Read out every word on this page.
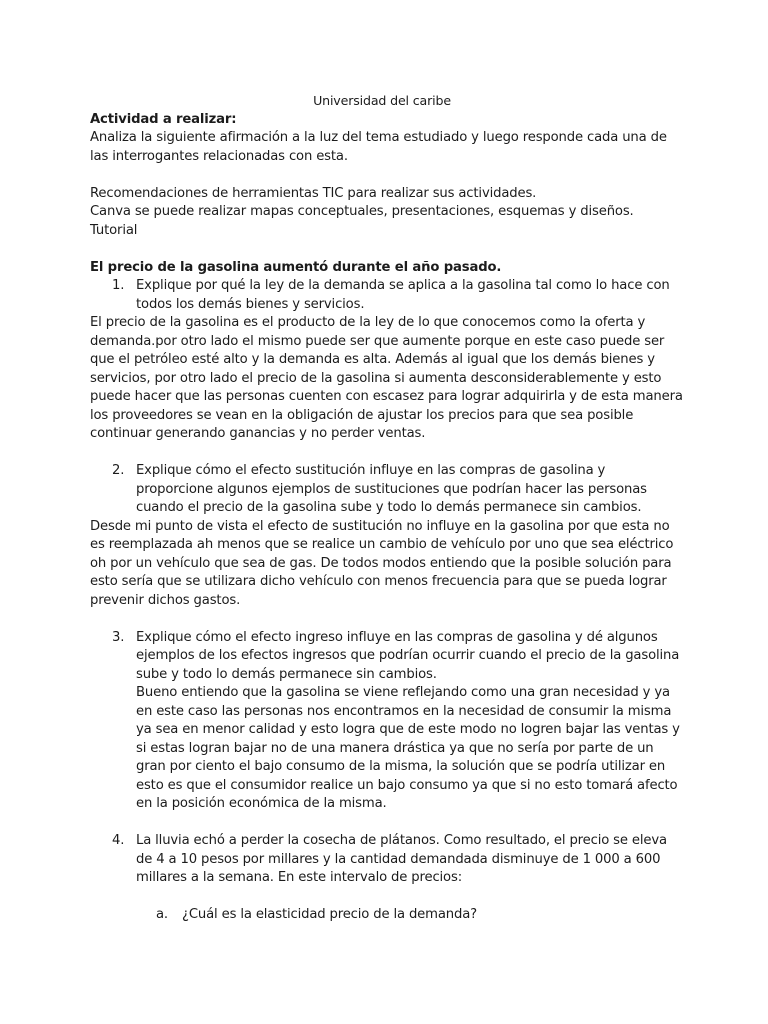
Universidad del caribe

Actividad a realizar:

Analiza la siguiente afirmación a la luz del tema estudiado y luego responde cada una de las interrogantes relacionadas con esta.

Recomendaciones de herramientas TIC para realizar sus actividades.

Canva se puede realizar mapas conceptuales, presentaciones, esquemas y diseños.

Tutorial

El precio de la gasolina aumentó durante el año pasado.

1. Explique por qué la ley de la demanda se aplica a la gasolina tal como lo hace con todos los demás bienes y servicios.

El precio de la gasolina es el producto de la ley de lo que conocemos como la oferta y demanda.por otro lado el mismo puede ser que aumente porque en este caso puede ser que el petróleo esté alto y la demanda es alta. Además al igual que los demás bienes y servicios, por otro lado el precio de la gasolina si aumenta desconsiderablemente y esto puede hacer que las personas cuenten con escasez para lograr adquirirla y de esta manera los proveedores se vean en la obligación de ajustar los precios para que sea posible continuar generando ganancias y no perder ventas.

2. Explique cómo el efecto sustitución influye en las compras de gasolina y proporcione algunos ejemplos de sustituciones que podrían hacer las personas cuando el precio de la gasolina sube y todo lo demás permanece sin cambios.

Desde mi punto de vista el efecto de sustitución no influye en la gasolina por que esta no es reemplazada ah menos que se realice un cambio de vehículo por uno que sea eléctrico oh por un vehículo que sea de gas. De todos modos entiendo que la posible solución para esto sería que se utilizara dicho vehículo con menos frecuencia para que se pueda lograr prevenir dichos gastos.

3. Explique cómo el efecto ingreso influye en las compras de gasolina y dé algunos ejemplos de los efectos ingresos que podrían ocurrir cuando el precio de la gasolina sube y todo lo demás permanece sin cambios.

Bueno entiendo que la gasolina se viene reflejando como una gran necesidad y ya en este caso las personas nos encontramos en la necesidad de consumir la misma ya sea en menor calidad y esto logra que de este modo no logren bajar las ventas y si estas logran bajar no de una manera drástica ya que no sería por parte de un gran por ciento el bajo consumo de la misma, la solución que se podría utilizar en esto es que el consumidor realice un bajo consumo ya que si no esto tomará afecto en la posición económica de la misma.

4. La lluvia echó a perder la cosecha de plátanos. Como resultado, el precio se eleva de 4 a 10 pesos por millares y la cantidad demandada disminuye de 1 000 a 600 millares a la semana. En este intervalo de precios:
a. ¿Cuál es la elasticidad precio de la demanda?
